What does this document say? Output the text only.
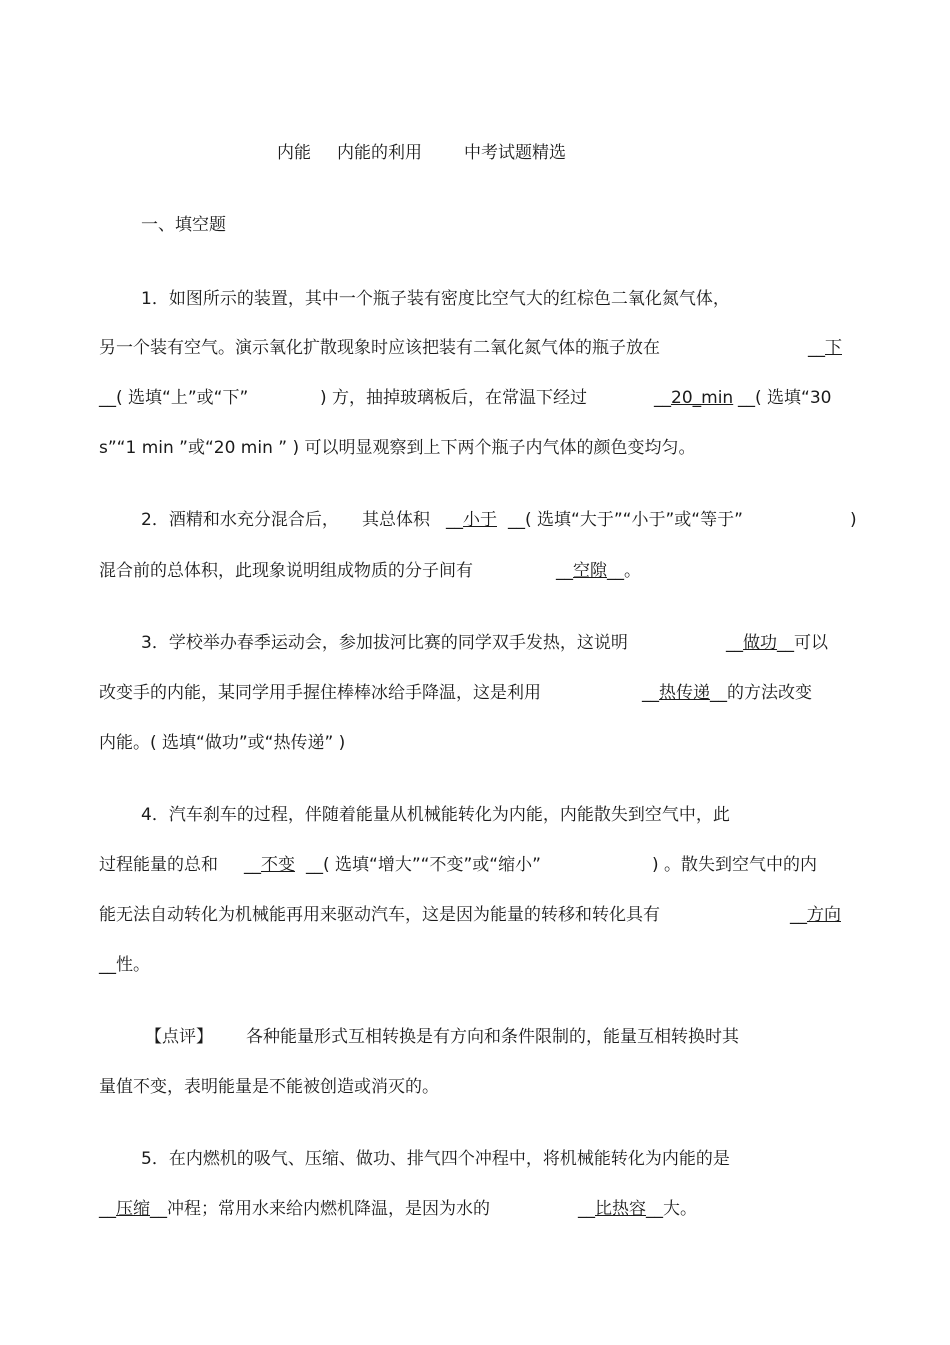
内能 内能的利用 中考试题精选
一、填空题
1．如图所示的装置，其中一个瓶子装有密度比空气大的红棕色二氧化氮气体，
另一个装有空气。演示氧化扩散现象时应该把装有二氧化氮气体的瓶子放在	__下
__( 选填“上”或“下”	) 方，抽掉玻璃板后，在常温下经过	__20_min __( 选填“30
s”“1 min ”或“20 min ” ) 可以明显观察到上下两个瓶子内气体的颜色变均匀。
2．酒精和水充分混合后， 其总体积 __小于 __( 选填“大于”“小于”或“等于”	)
混合前的总体积，此现象说明组成物质的分子间有	__空隙__。
3．学校举办春季运动会，参加拔河比赛的同学双手发热，这说明	__做功__可以
改变手的内能，某同学用手握住棒棒冰给手降温，这是利用	__热传递__的方法改变
内能。( 选填“做功”或“热传递” )
4．汽车刹车的过程，伴随着能量从机械能转化为内能，内能散失到空气中，此
过程能量的总和 __不变 __( 选填“增大”“不变”或“缩小”	) 。散失到空气中的内
能无法自动转化为机械能再用来驱动汽车，这是因为能量的转移和转化具有	__方向
__性。
【点评】 各种能量形式互相转换是有方向和条件限制的，能量互相转换时其
量值不变，表明能量是不能被创造或消灭的。
5．在内燃机的吸气、压缩、做功、排气四个冲程中，将机械能转化为内能的是
__压缩__冲程；常用水来给内燃机降温，是因为水的	__比热容__大。
